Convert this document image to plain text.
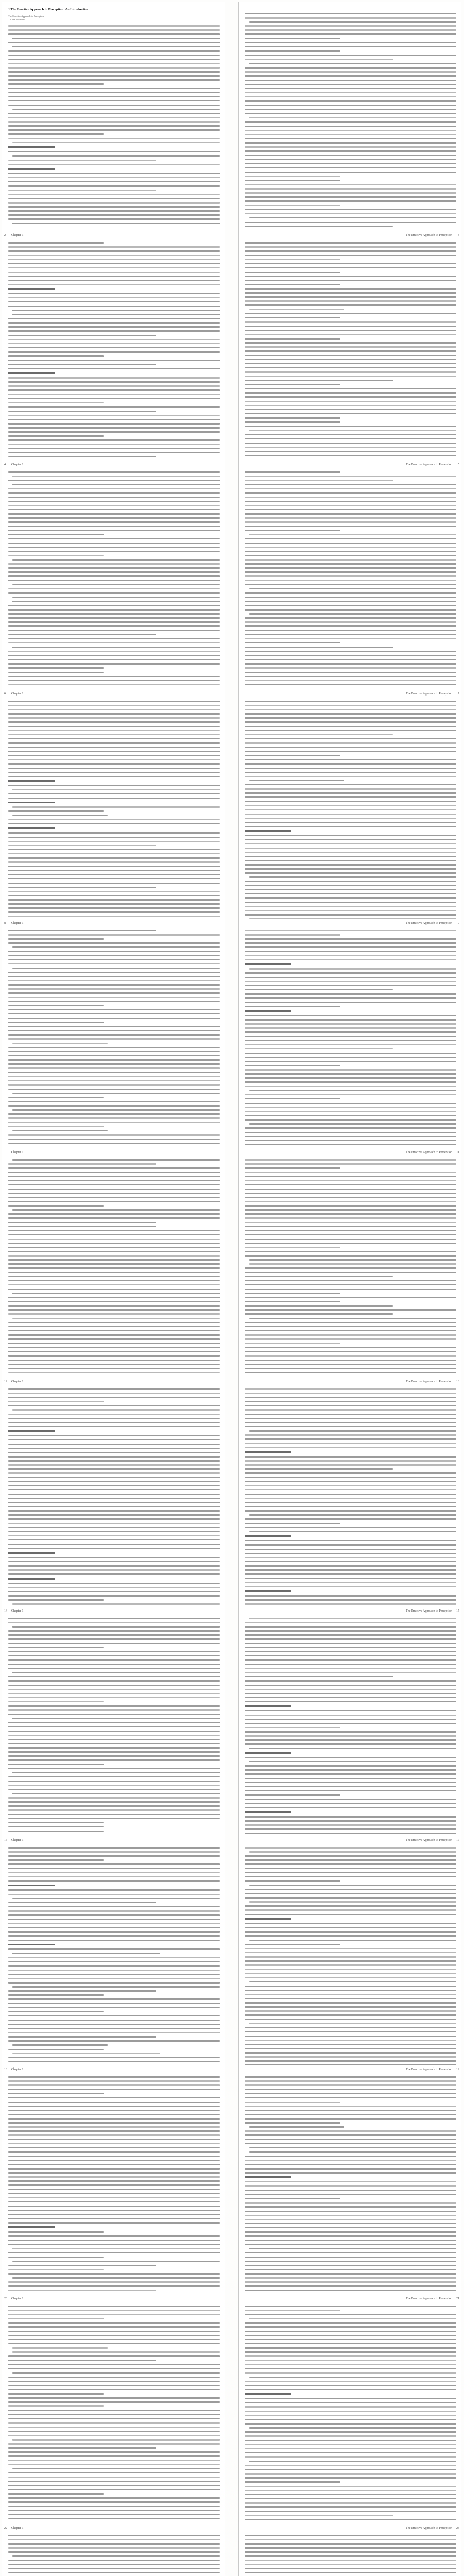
1 The Enactive Approach to Perception: An Introduction
The Enactive Approach to Perception
1.1 The Root Idea
2 Chapter 1	3
The Enactive Approach to Perception
4 Chapter 1	5
The Enactive Approach to Perception
6 Chapter 1	7
The Enactive Approach to Perception
8 Chapter 1	9
The Enactive Approach to Perception
10 Chapter 1	11
The Enactive Approach to Perception
12 Chapter 1	13
The Enactive Approach to Perception
14 Chapter 1	15
The Enactive Approach to Perception
16 Chapter 1	17
The Enactive Approach to Perception
18 Chapter 1	19
The Enactive Approach to Perception
20 Chapter 1	21
The Enactive Approach to Perception
22 Chapter 1	23
The Enactive Approach to Perception
